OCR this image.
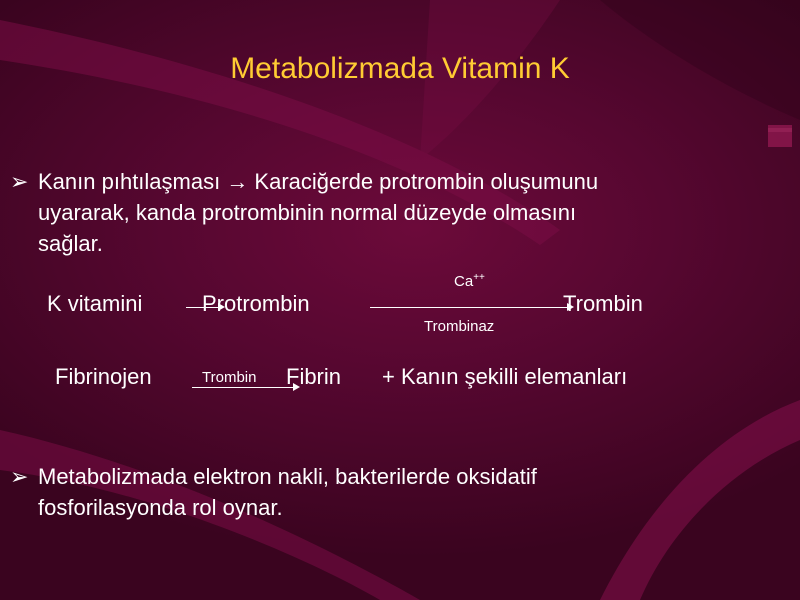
Metabolizmada Vitamin K
➢ Kanın pıhtılaşması → Karaciğerde protrombin oluşumunu
uyararak, kanda protrombinin normal düzeyde olmasını
sağlar.
Ca++
K vitamini	Protrombin	Trombin
Trombinaz
Fibrinojen	Trombin Fibrin + Kanın şekilli elemanları
➢ Metabolizmada elektron nakli, bakterilerde oksidatif
fosforilasyonda rol oynar.
